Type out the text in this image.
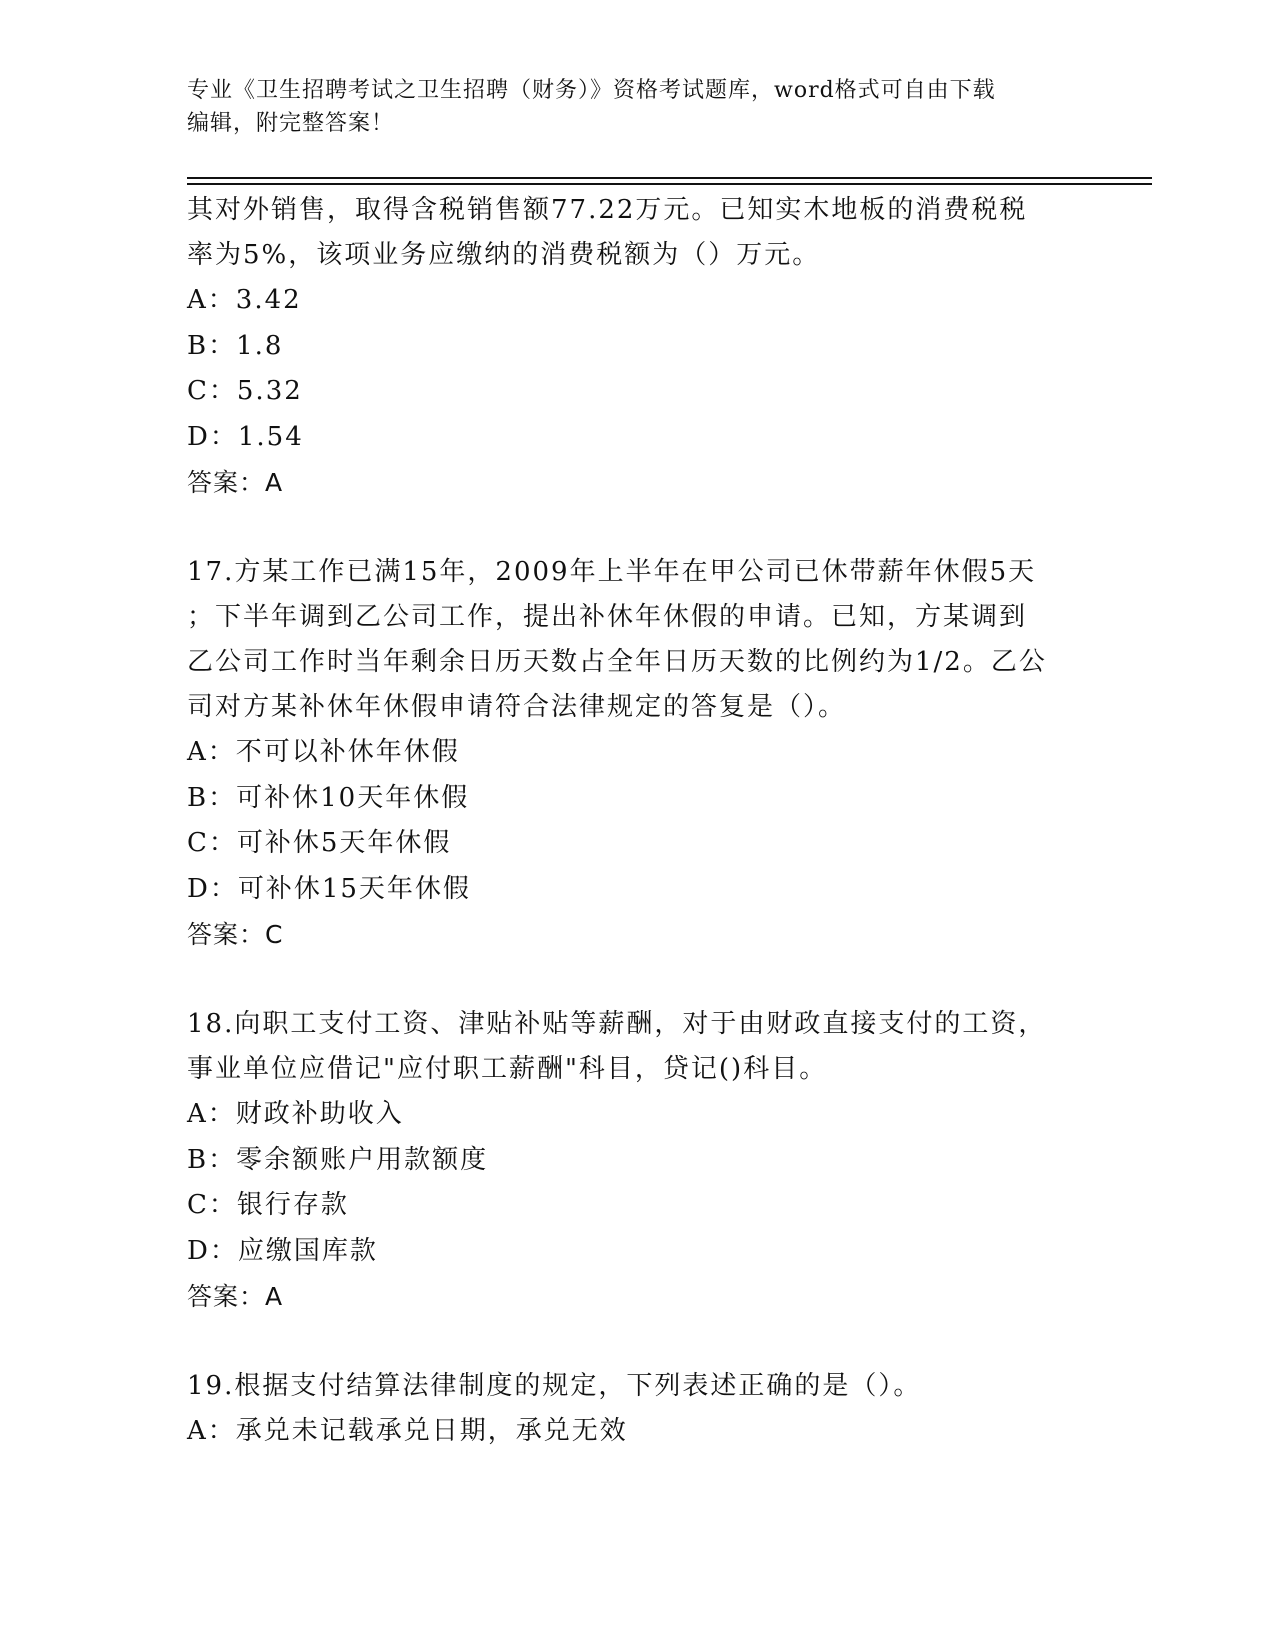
专业《卫生招聘考试之卫生招聘（财务）》资格考试题库，word格式可自由下载
编辑，附完整答案！
其对外销售，取得含税销售额77.22万元。已知实木地板的消费税税
率为5%，该项业务应缴纳的消费税额为（）万元。
A：3.42
B：1.8
C：5.32
D：1.54
答案：A
17.方某工作已满15年，2009年上半年在甲公司已休带薪年休假5天
；下半年调到乙公司工作，提出补休年休假的申请。已知，方某调到
乙公司工作时当年剩余日历天数占全年日历天数的比例约为1/2。乙公
司对方某补休年休假申请符合法律规定的答复是（）。
A：不可以补休年休假
B：可补休10天年休假
C：可补休5天年休假
D：可补休15天年休假
答案：C
18.向职工支付工资、津贴补贴等薪酬，对于由财政直接支付的工资，
事业单位应借记"应付职工薪酬"科目，贷记()科目。
A：财政补助收入
B：零余额账户用款额度
C：银行存款
D：应缴国库款
答案：A
19.根据支付结算法律制度的规定，下列表述正确的是（）。
A：承兑未记载承兑日期，承兑无效
